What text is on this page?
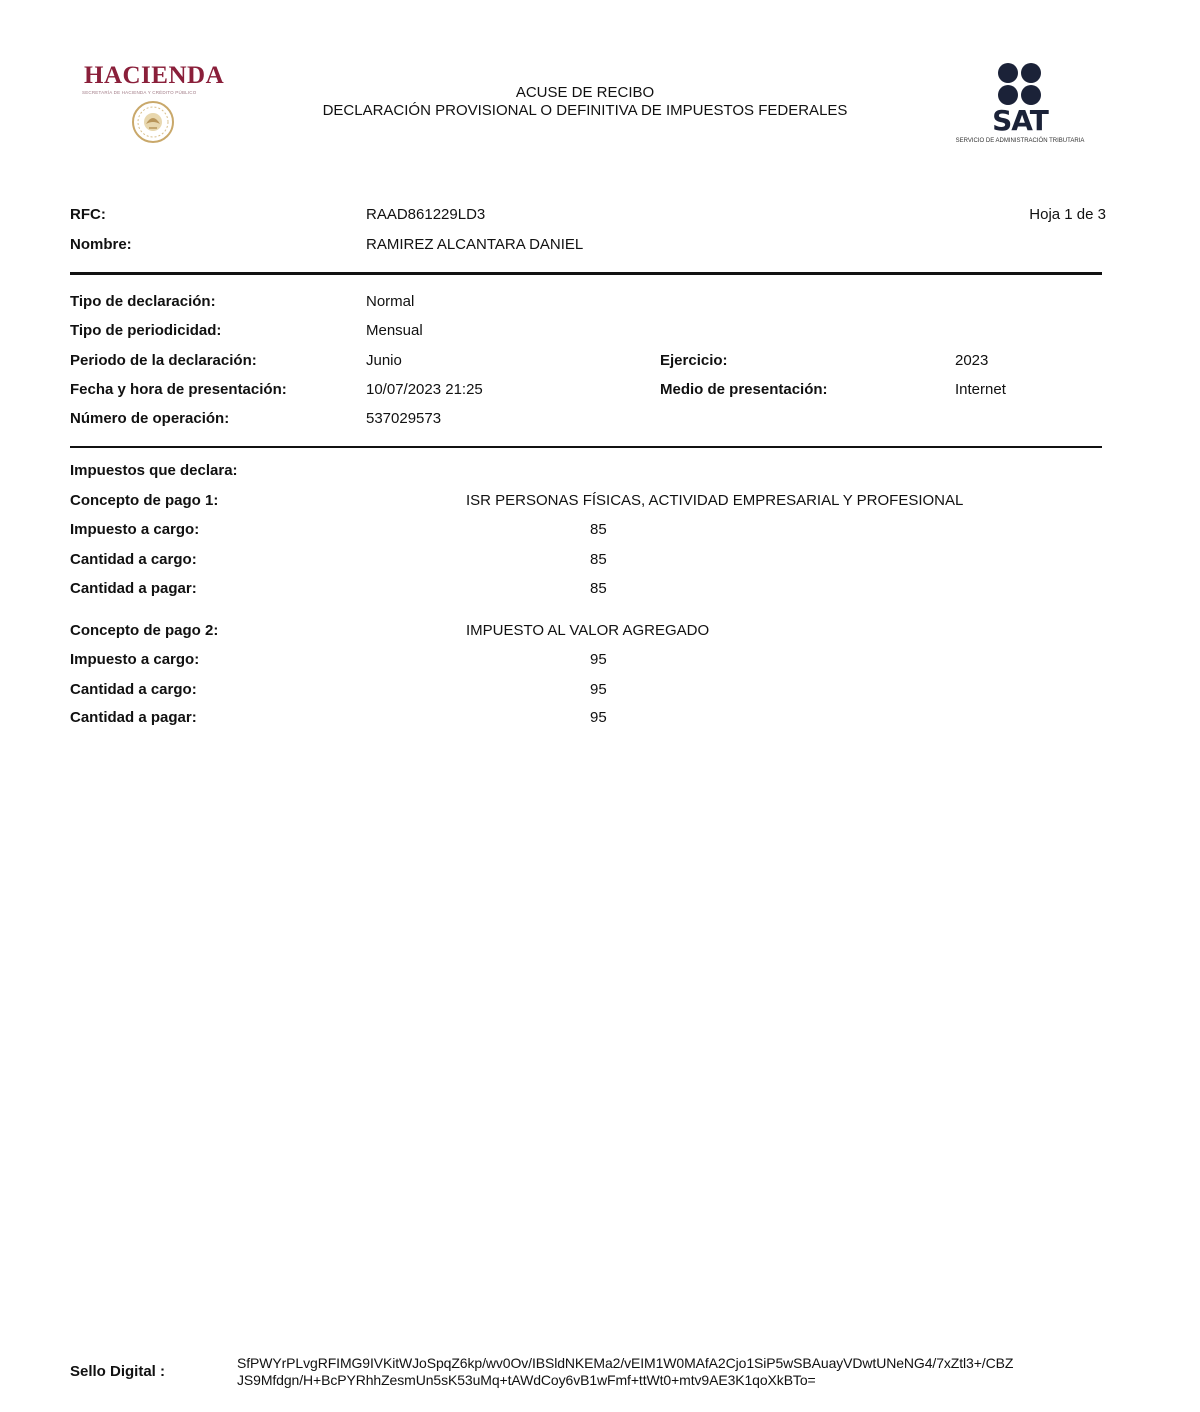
HACIENDA
SECRETARÍA DE HACIENDA Y CRÉDITO PÚBLICO	ACUSE DE RECIBO
DECLARACIÓN PROVISIONAL O DEFINITIVA DE IMPUESTOS FEDERALES	SAT
SERVICIO DE ADMINISTRACIÓN TRIBUTARIA
RFC:	RAAD861229LD3	Hoja 1 de 3
Nombre:	RAMIREZ ALCANTARA DANIEL
Tipo de declaración:	Normal
Tipo de periodicidad:	Mensual
Periodo de la declaración:	Junio	Ejercicio:	2023
Fecha y hora de presentación:	10/07/2023 21:25	Medio de presentación:	Internet
Número de operación:	537029573
Impuestos que declara:
Concepto de pago 1:	ISR PERSONAS FÍSICAS, ACTIVIDAD EMPRESARIAL Y PROFESIONAL
Impuesto a cargo:	85
Cantidad a cargo:	85
Cantidad a pagar:	85
Concepto de pago 2:	IMPUESTO AL VALOR AGREGADO
Impuesto a cargo:	95
Cantidad a cargo:	95
Cantidad a pagar:	95
Sello Digital :	SfPWYrPLvgRFIMG9IVKitWJoSpqZ6kp/wv0Ov/IBSldNKEMa2/vEIM1W0MAfA2Cjo1SiP5wSBAuayVDwtUNeNG4/7xZtl3+/CBZ
JS9Mfdgn/H+BcPYRhhZesmUn5sK53uMq+tAWdCoy6vB1wFmf+ttWt0+mtv9AE3K1qoXkBTo=
